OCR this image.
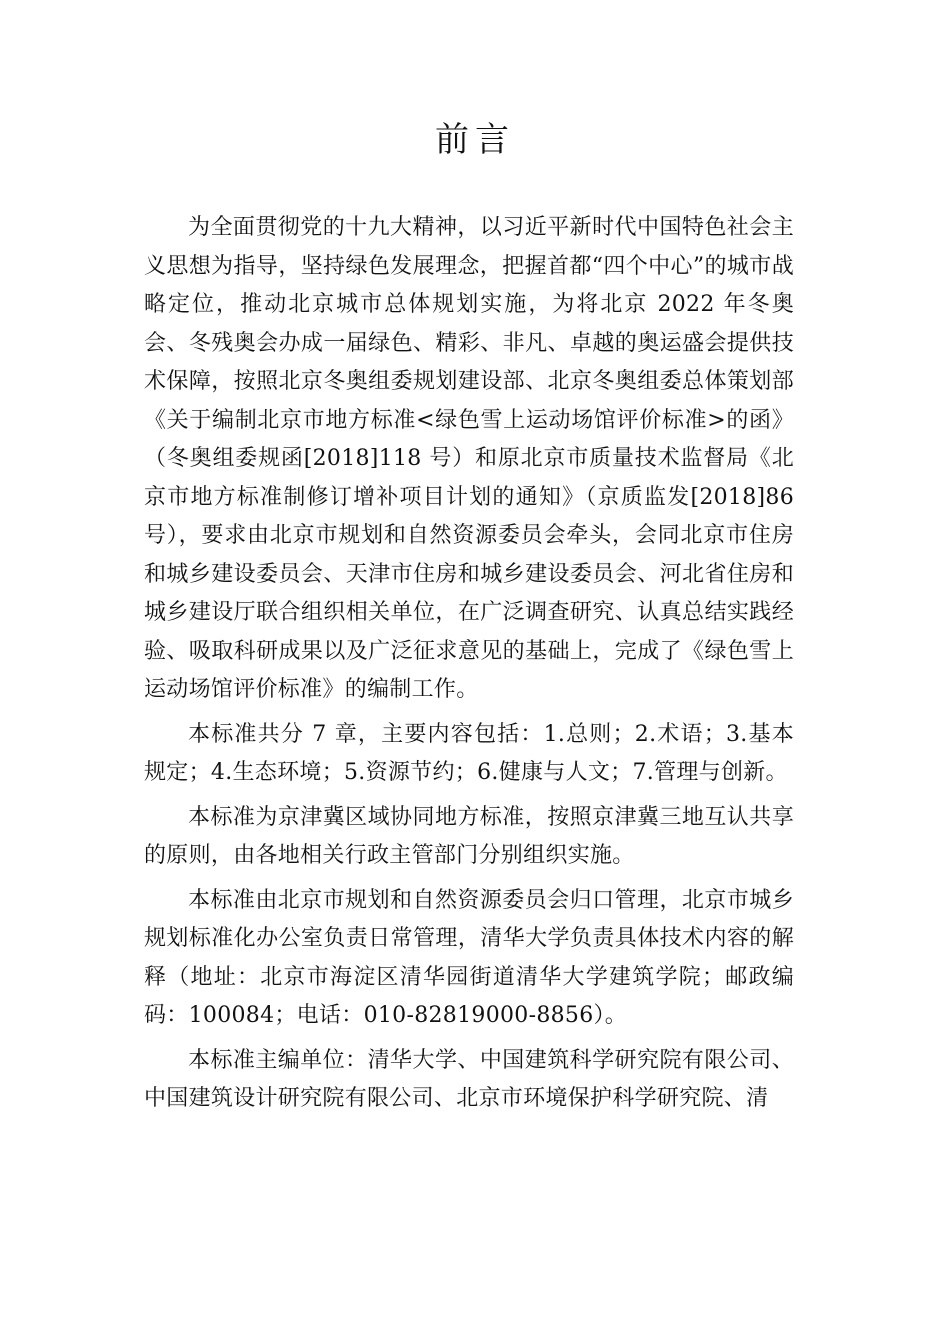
前言

为全面贯彻党的十九大精神，以习近平新时代中国特色社会主义思想为指导，坚持绿色发展理念，把握首都“四个中心”的城市战略定位，推动北京城市总体规划实施，为将北京 2022 年冬奥会、冬残奥会办成一届绿色、精彩、非凡、卓越的奥运盛会提供技术保障，按照北京冬奥组委规划建设部、北京冬奥组委总体策划部《关于编制北京市地方标准<绿色雪上运动场馆评价标准>的函》（冬奥组委规函[2018]118 号）和原北京市质量技术监督局《北京市地方标准制修订增补项目计划的通知》（京质监发[2018]86 号），要求由北京市规划和自然资源委员会牵头，会同北京市住房和城乡建设委员会、天津市住房和城乡建设委员会、河北省住房和城乡建设厅联合组织相关单位，在广泛调查研究、认真总结实践经验、吸取科研成果以及广泛征求意见的基础上，完成了《绿色雪上运动场馆评价标准》的编制工作。

本标准共分 7 章，主要内容包括：1.总则；2.术语；3.基本规定；4.生态环境；5.资源节约；6.健康与人文；7.管理与创新。

本标准为京津冀区域协同地方标准，按照京津冀三地互认共享的原则，由各地相关行政主管部门分别组织实施。

本标准由北京市规划和自然资源委员会归口管理，北京市城乡规划标准化办公室负责日常管理，清华大学负责具体技术内容的解释（地址：北京市海淀区清华园街道清华大学建筑学院；邮政编码：100084；电话：010-82819000-8856）。

本标准主编单位：清华大学、中国建筑科学研究院有限公司、中国建筑设计研究院有限公司、北京市环境保护科学研究院、清
